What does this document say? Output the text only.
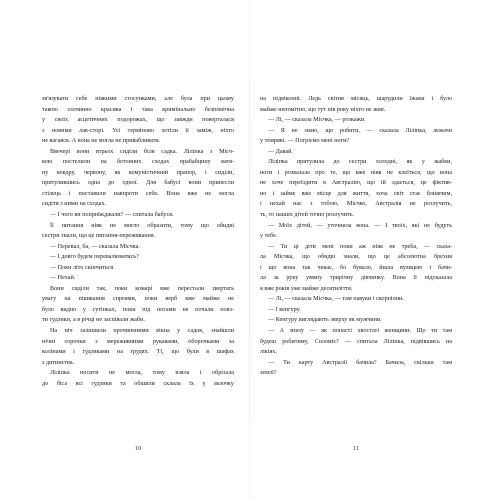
зв'язувати себе ніякими стосунками, але була при цьому
такою злочинно красива і така кримінально безпомічна
у своїх асцетичних подорожах, що завжди поверталася
з новими лав-сторі. Усі терміново хотіли її заміж, ніхто
не вагався. А вона не могла не привабливати.
Ввечері вони втрьох сиділи біля садка. Ліліпка з Місч-
кою постелили на бетонних сходах прабабцину ватя-
ну ковдру, червону, як комуністичний прапор, і сиділи,
притулившись одна до одної. Для бабусі вони принесли
стілець і поставили навпроти себе. Вона вже не могла
сидіти з ними на сходах.
— І чого ви попрнїжджали? — спитала бабуся.
Її питання ніяк не могло образити, тому що обидві
сестри знали, що це питання-переживання.
— Перевал, ба, — сказала Місчка.
— І довго будем перевалюватись?
— Поки літо скінчиться.
— Нехай.
Вони сиділи так, поки комарі вже перестали звертать
увагу на пшикання спреями, поки верб вже майже не
було видно у сутінках, поки під ногами не почали повз-
ти гудзики, а в річці не заспівали жаби.
На ніч залишили прочиненими вікна у садок, знайшли
нічні сорочки з мереживними рукавами, оборочками за
колінами і гудзиками на грудях. Ті, що були в шафах
з дитинства.
Ліліпка носити не могла, тому взяла і обрізала
до біса всі гудзики та обшили склала їх у вазочку
на підвіконні. Ледь світив місяць, шарудили їжаки і було
майже непомітно, що тут пів року ніхто не жив.
— Лі, — сказала Місчка, — розкажи.
— Я не знаю, що робити, — сказала Ліліпка, лежачи
у темряві. — Погріємо мені ноги?
— Давай.
Ліліпка притулила до сестри холодні, як у жабки,
ноги і розказала про те, що вже ніяк не клеїться, що вона
не хоче переїздити в Австралію, що їй здається, це фіктив-
но і займе вже місце для життя, хоча світ стає ближчим,
і нехай нас з тобою, Місчко, Австралія не розлучить,
ть, то наших дітей точно розлучить.
— Моїх дітей, — уточнила вона. — І твоїх, які не будуть
у тебе.
— Ти ці діти мені поки аж ніяк не треба, — сказа-
ла Місчка, що обидві знали, що це абсолютна брехня
і що вона так чекає, бо бувало, йшла вулицею і бачи-
ла за руку увмну трирічну дівчинку. Вона її підсказала
я вже років уже майже десятиліття.
— Лі, — сказала Місчка, — там павуки і скорпіони.
— І кенгуру.
— Кенгуру виглядають зверху як мужчини.
— А знизу — як попасті хвостаті женщини. Що ти там
будеш робитиму, Соломіє? — спитала Ліліпка, підвівшись на
лікіях.
— Ти карту Австралії бачила? Бачила, скільки там
землі?
10	11
